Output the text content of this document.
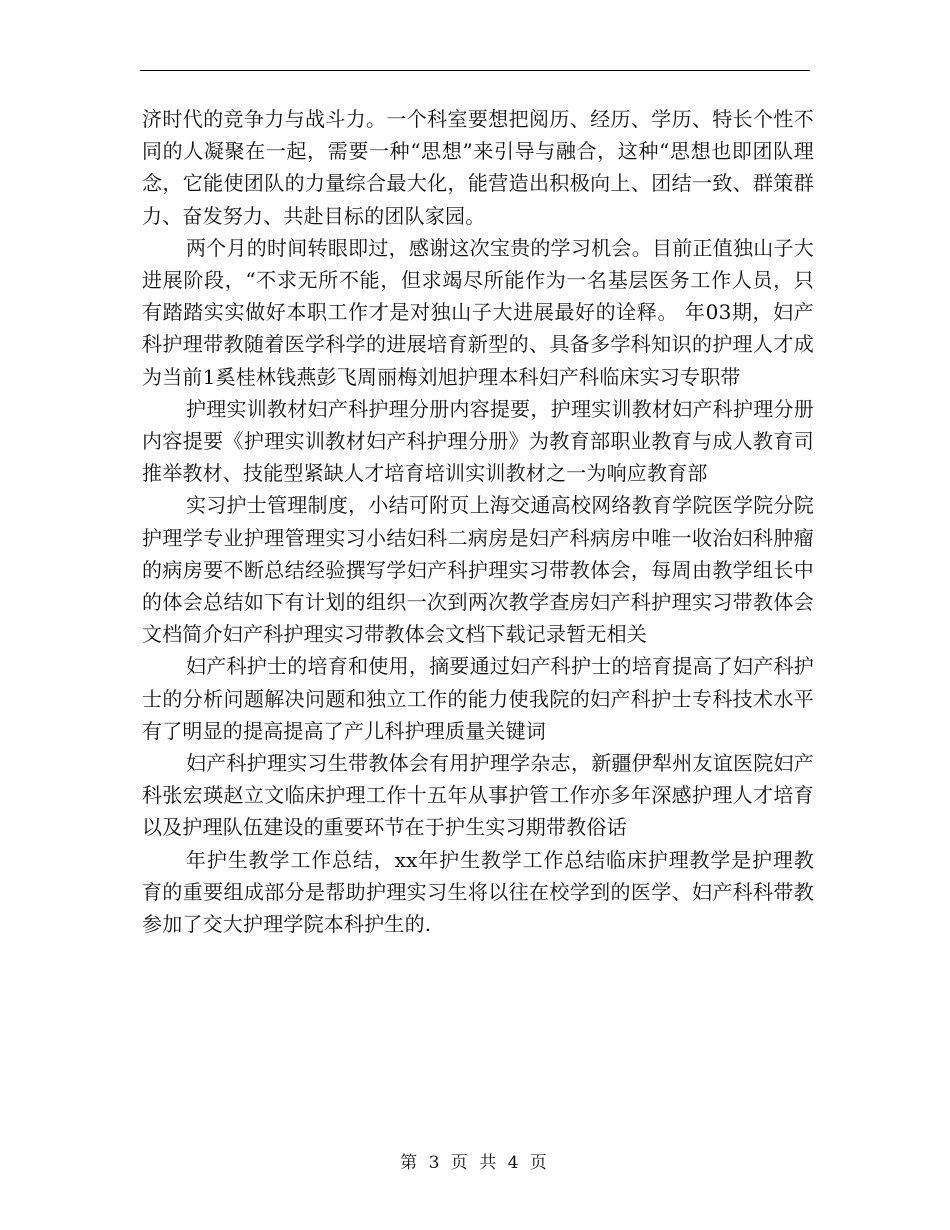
济时代的竞争力与战斗力。一个科室要想把阅历、经历、学历、特长个性不同的人凝聚在一起，需要一种“思想”来引导与融合，这种“思想也即团队理念，它能使团队的力量综合最大化，能营造出积极向上、团结一致、群策群力、奋发努力、共赴目标的团队家园。

两个月的时间转眼即过，感谢这次宝贵的学习机会。目前正值独山子大进展阶段，“不求无所不能，但求竭尽所能作为一名基层医务工作人员，只有踏踏实实做好本职工作才是对独山子大进展最好的诠释。 年03期，妇产科护理带教随着医学科学的进展培育新型的、具备多学科知识的护理人才成为当前1奚桂林钱燕彭飞周丽梅刘旭护理本科妇产科临床实习专职带

护理实训教材妇产科护理分册内容提要，护理实训教材妇产科护理分册内容提要《护理实训教材妇产科护理分册》为教育部职业教育与成人教育司推举教材、技能型紧缺人才培育培训实训教材之一为响应教育部

实习护士管理制度，小结可附页上海交通高校网络教育学院医学院分院护理学专业护理管理实习小结妇科二病房是妇产科病房中唯一收治妇科肿瘤的病房要不断总结经验撰写学妇产科护理实习带教体会，每周由教学组长中的体会总结如下有计划的组织一次到两次教学查房妇产科护理实习带教体会文档简介妇产科护理实习带教体会文档下载记录暂无相关

妇产科护士的培育和使用，摘要通过妇产科护士的培育提高了妇产科护士的分析问题解决问题和独立工作的能力使我院的妇产科护士专科技术水平有了明显的提高提高了产儿科护理质量关键词

妇产科护理实习生带教体会有用护理学杂志，新疆伊犁州友谊医院妇产科张宏瑛赵立文临床护理工作十五年从事护管工作亦多年深感护理人才培育以及护理队伍建设的重要环节在于护生实习期带教俗话

年护生教学工作总结，xx年护生教学工作总结临床护理教学是护理教育的重要组成部分是帮助护理实习生将以往在校学到的医学、妇产科科带教参加了交大护理学院本科护生的.

第 3 页 共 4 页
